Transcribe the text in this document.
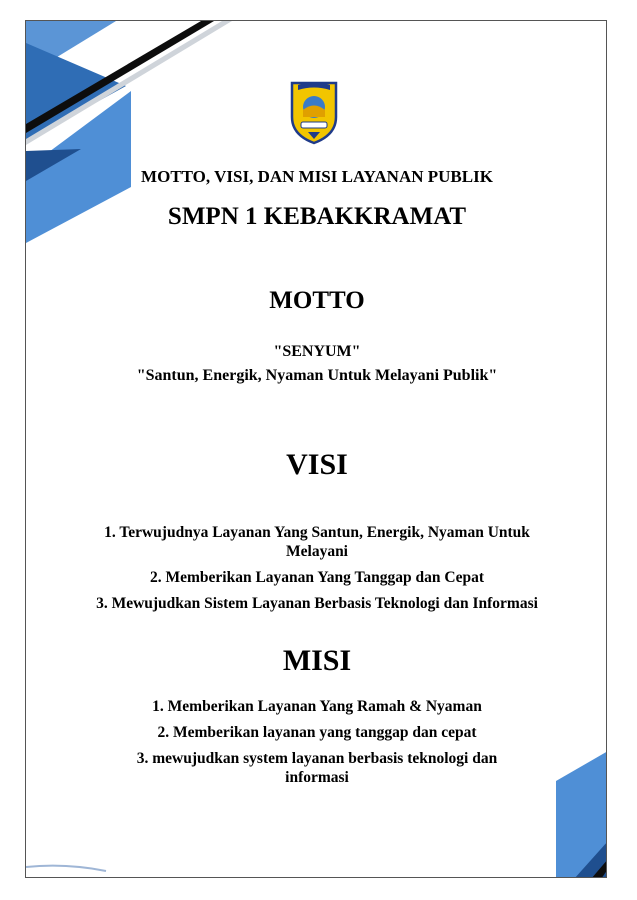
MOTTO, VISI, DAN MISI LAYANAN PUBLIK
SMPN 1 KEBAKKRAMAT
MOTTO
"SENYUM"
"Santun, Energik, Nyaman Untuk Melayani Publik"
VISI
1. Terwujudnya Layanan Yang Santun, Energik, Nyaman Untuk Melayani
2. Memberikan Layanan Yang Tanggap dan Cepat
3. Mewujudkan Sistem Layanan Berbasis Teknologi dan Informasi
MISI
1. Memberikan Layanan Yang Ramah & Nyaman
2. Memberikan layanan yang tanggap dan cepat
3. mewujudkan system layanan berbasis teknologi dan informasi
